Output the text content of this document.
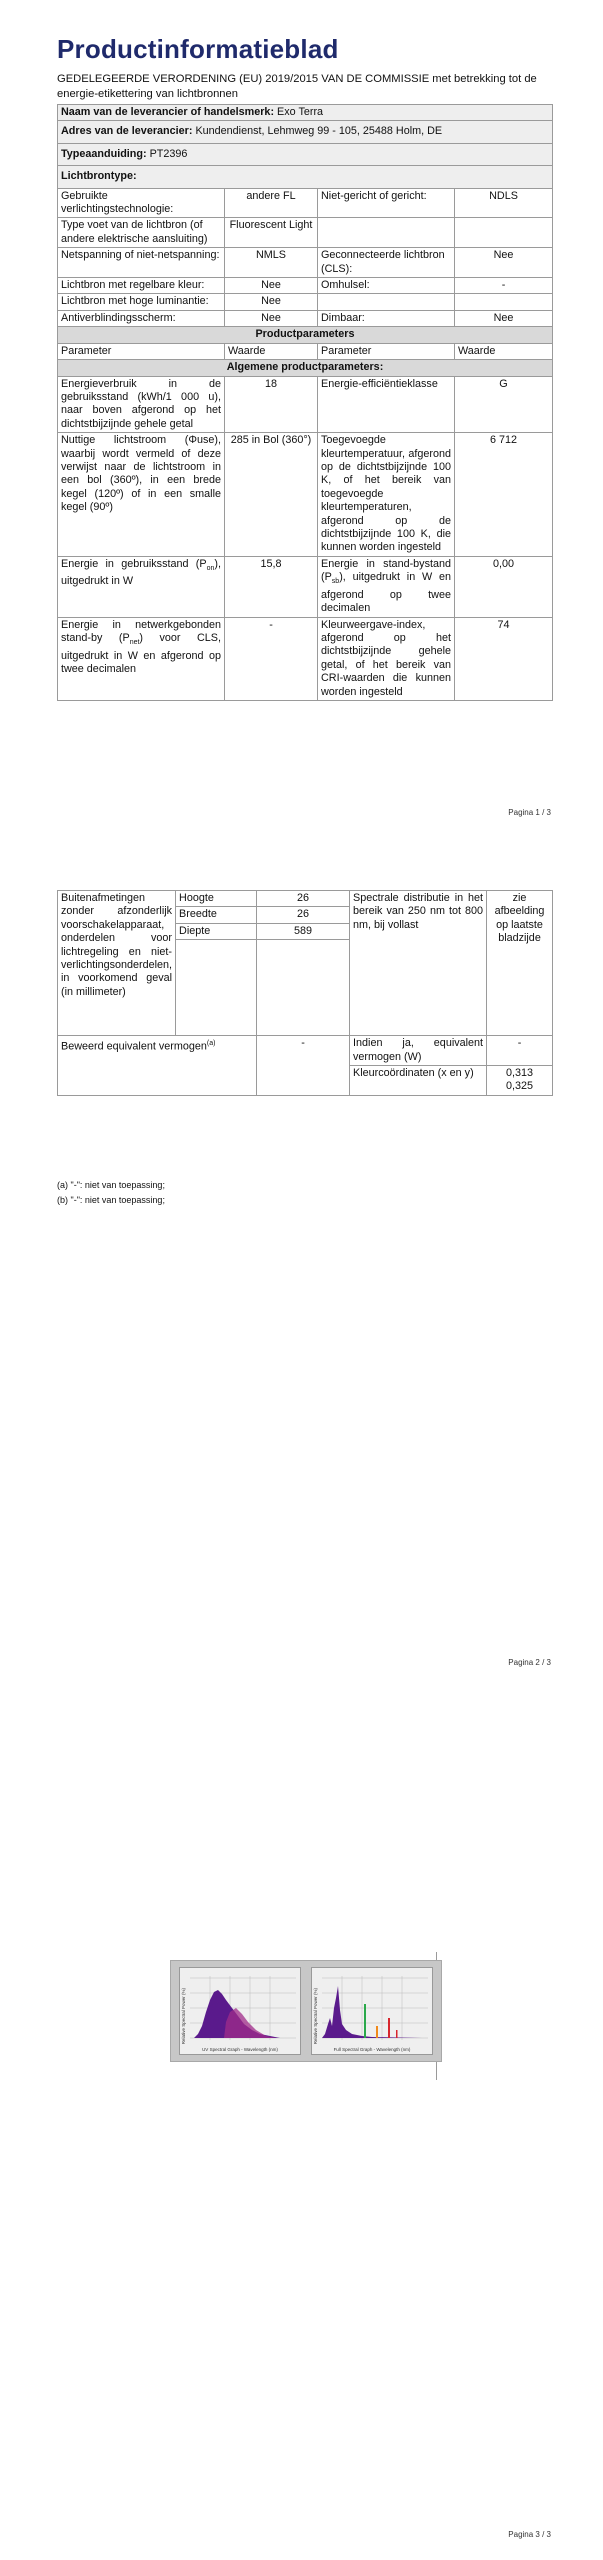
Productinformatieblad
GEDELEGEERDE VERORDENING (EU) 2019/2015 VAN DE COMMISSIE met betrekking tot de energie-etikettering van lichtbronnen
Naam van de leverancier of handelsmerk: Exo Terra			
Adres van de leverancier: Kundendienst, Lehmweg 99 - 105, 25488 Holm, DE			
Typeaanduiding: PT2396			
Lichtbrontype:			
Gebruikte verlichtingstechnologie:	andere FL	Niet-gericht of gericht:	NDLS
Type voet van de lichtbron (of andere elektrische aansluiting)	Fluorescent Light		
Netspanning of niet-netspanning:	NMLS	Geconnecteerde lichtbron (CLS):	Nee
Lichtbron met regelbare kleur:	Nee	Omhulsel:	-
Lichtbron met hoge luminantie:	Nee		
Antiverblindingsscherm:	Nee	Dimbaar:	Nee
Productparameters			
Parameter	Waarde	Parameter	Waarde
Algemene productparameters:			
Energieverbruik in de gebruiksstand (kWh/1 000 u), naar boven afgerond op het dichtstbijzijnde gehele getal	18	Energie-efficiëntieklasse	G
Nuttige lichtstroom (Φuse), waarbij wordt vermeld of deze verwijst naar de lichtstroom in een bol (360º), in een brede kegel (120º) of in een smalle kegel (90º)	285 in Bol (360°)	Toegevoegde kleurtemperatuur, afgerond op de dichtstbijzijnde 100 K, of het bereik van toegevoegde kleurtemperaturen, afgerond op de dichtstbijzijnde 100 K, die kunnen worden ingesteld	6 712
Energie in gebruiksstand $(P_{on})$, uitgedrukt in W	15,8	Energie in stand-bystand $(P_{sb})$, uitgedrukt in W en afgerond op twee decimalen	0,00
Energie in netwerkgebonden stand-by $(P_{net})$ voor CLS, uitgedrukt in W en afgerond op twee decimalen	-	Kleurweergave-index, afgerond op het dichtstbijzijnde gehele getal, of het bereik van CRI-waarden die kunnen worden ingesteld	74
Pagina 1 / 3
Buitenafmetingen zonder afzonderlijk voorschakelapparaat, onderdelen voor lichtregeling en niet-verlichtingsonderdelen, in voorkomend geval (in millimeter)	Hoogte	26	Spectrale distributie in het bereik van 250 nm tot 800 nm, bij vollast	zie afbeelding op laatste bladzijde
	Breedte	26		
	Diepte	589		

Beweerd equivalent vermogen$^{(a)}$		-	Indien ja, equivalent vermogen (W)	-
			Kleurcoördinaten (x en y)	0,313
0,325
(a) "-": niet van toepassing;
(b) "-": niet van toepassing;
Pagina 2 / 3
Relative Spectral Power (%)
UV Spectral Graph - Wavelength (nm)
Relative Spectral Power (%)
Full Spectral Graph - Wavelength (nm)
Pagina 3 / 3
